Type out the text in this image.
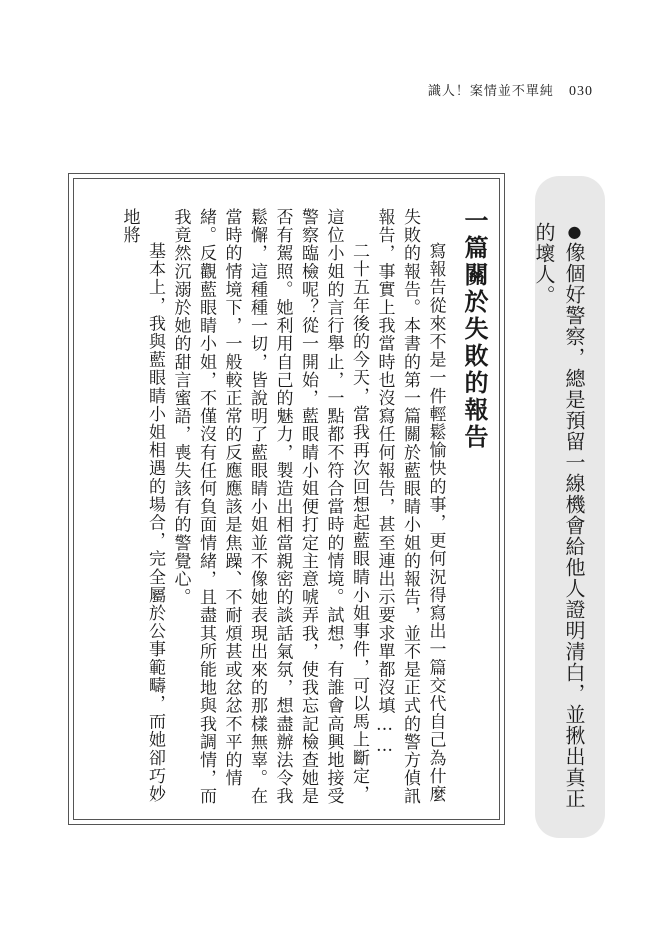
識人！案情並不單純 030
一篇關於失敗的報告

寫報告從來不是一件輕鬆愉快的事，更何況得寫出一篇交代自己為什麼失敗的報告。本書的第一篇關於藍眼睛小姐的報告，並不是正式的警方偵訊報告，事實上我當時也沒寫任何報告，甚至連出示要求單都沒填……

二十五年後的今天，當我再次回想起藍眼睛小姐事件，可以馬上斷定，這位小姐的言行舉止，一點都不符合當時的情境。試想，有誰會高興地接受警察臨檢呢？從一開始，藍眼睛小姐便打定主意唬弄我，使我忘記檢查她是否有駕照。她利用自己的魅力，製造出相當親密的談話氣氛，想盡辦法令我鬆懈，這種種一切，皆說明了藍眼睛小姐並不像她表現出來的那樣無辜。在當時的情境下，一般較正常的反應應該是焦躁、不耐煩甚或忿忿不平的情緒。反觀藍眼睛小姐，不僅沒有任何負面情緒，且盡其所能地與我調情，而我竟然沉溺於她的甜言蜜語，喪失該有的警覺心。

基本上，我與藍眼睛小姐相遇的場合，完全屬於公事範疇，而她卻巧妙地將	●像個好警察，總是預留一線機會給他人證明清白，並揪出真正的壞人。
